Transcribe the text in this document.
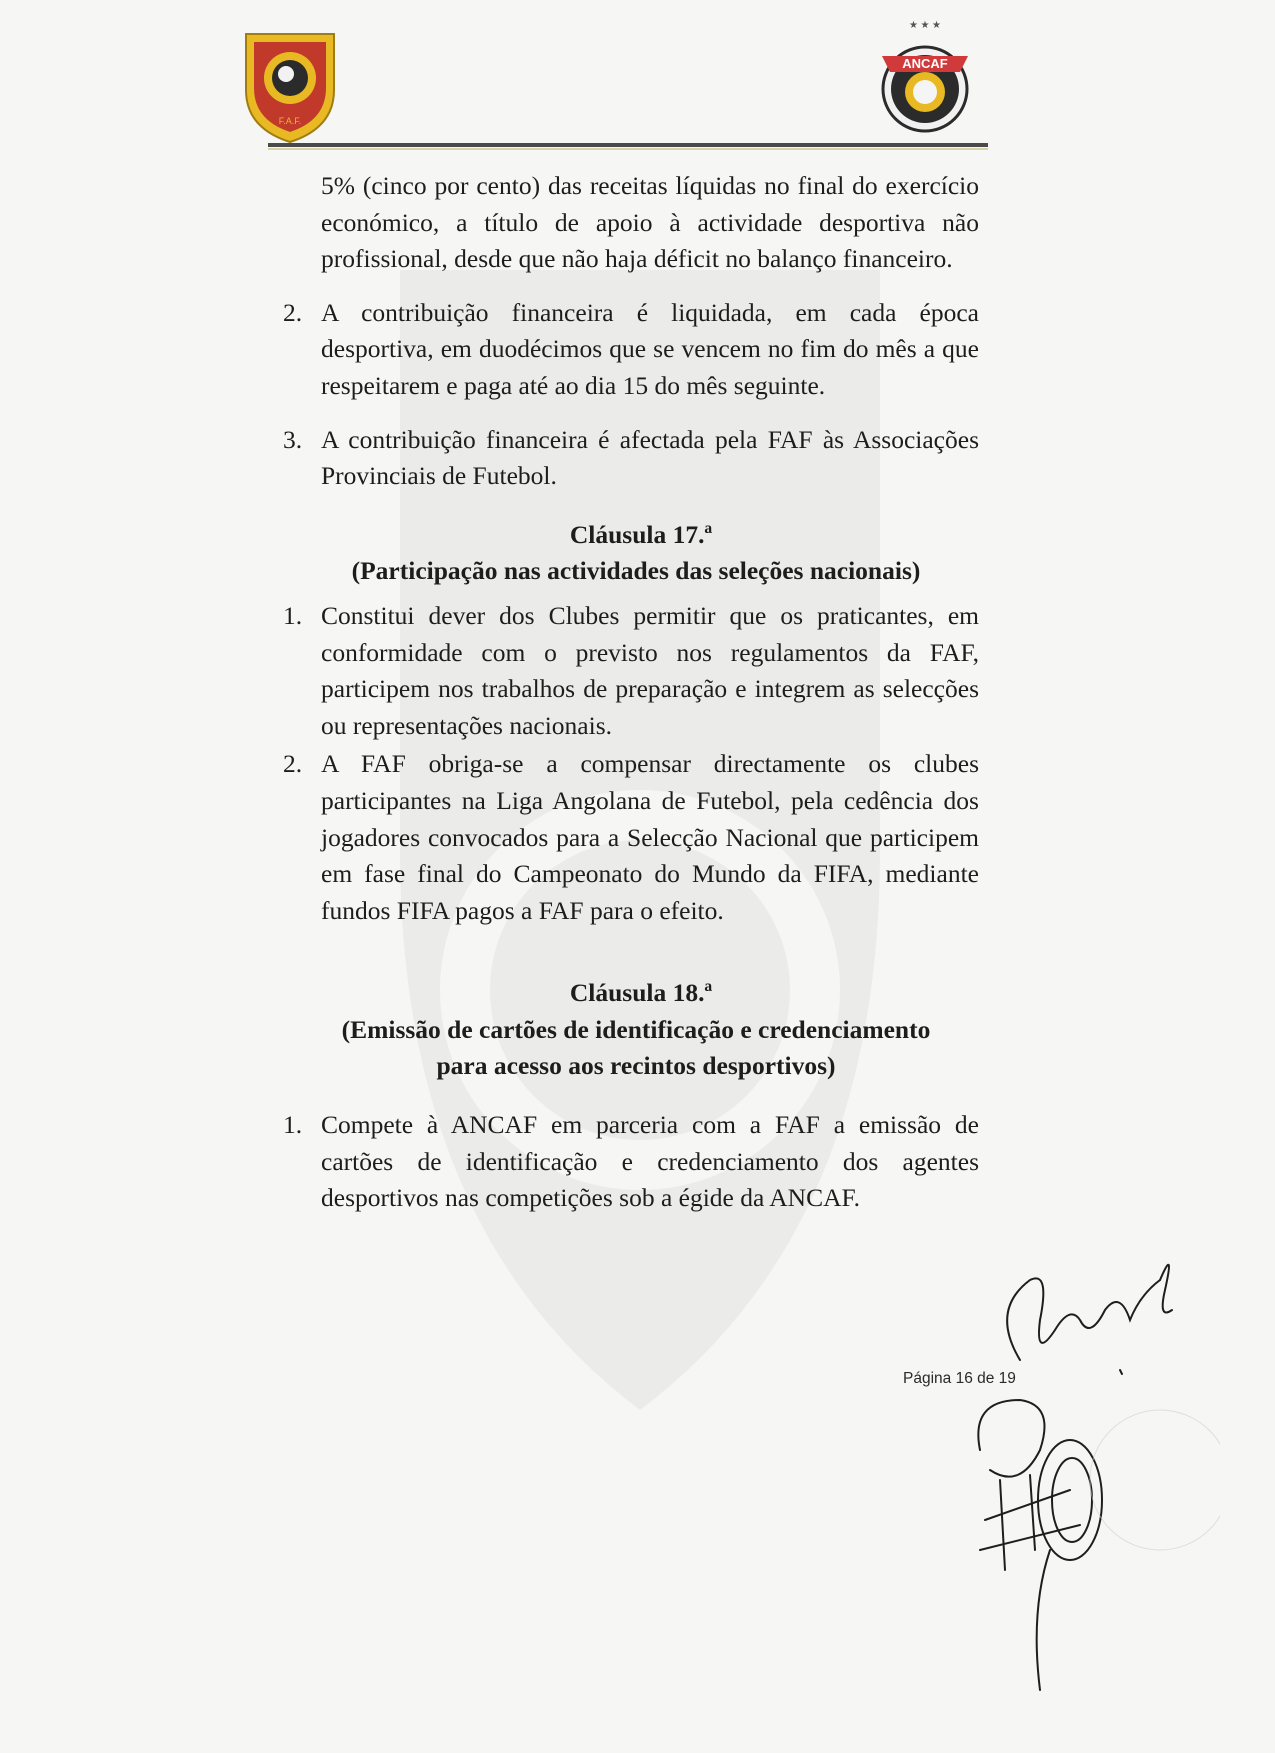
F.A.F.
★ ★ ★
ANCAF

5% (cinco por cento) das receitas líquidas no final do exercício económico, a título de apoio à actividade desportiva não profissional, desde que não haja déficit no balanço financeiro.

2. A contribuição financeira é liquidada, em cada época desportiva, em duodécimos que se vencem no fim do mês a que respeitarem e paga até ao dia 15 do mês seguinte.
3. A contribuição financeira é afectada pela FAF às Associações Provinciais de Futebol.
Cláusula 17.ª
(Participação nas actividades das seleções nacionais)
1. Constitui dever dos Clubes permitir que os praticantes, em conformidade com o previsto nos regulamentos da FAF, participem nos trabalhos de preparação e integrem as selecções ou representações nacionais.
2. A FAF obriga-se a compensar directamente os clubes participantes na Liga Angolana de Futebol, pela cedência dos jogadores convocados para a Selecção Nacional que participem em fase final do Campeonato do Mundo da FIFA, mediante fundos FIFA pagos a FAF para o efeito.
Cláusula 18.ª
(Emissão de cartões de identificação e credenciamento
para acesso aos recintos desportivos)
1. Compete à ANCAF em parceria com a FAF a emissão de cartões de identificação e credenciamento dos agentes desportivos nas competições sob a égide da ANCAF.
Página 16 de 19
